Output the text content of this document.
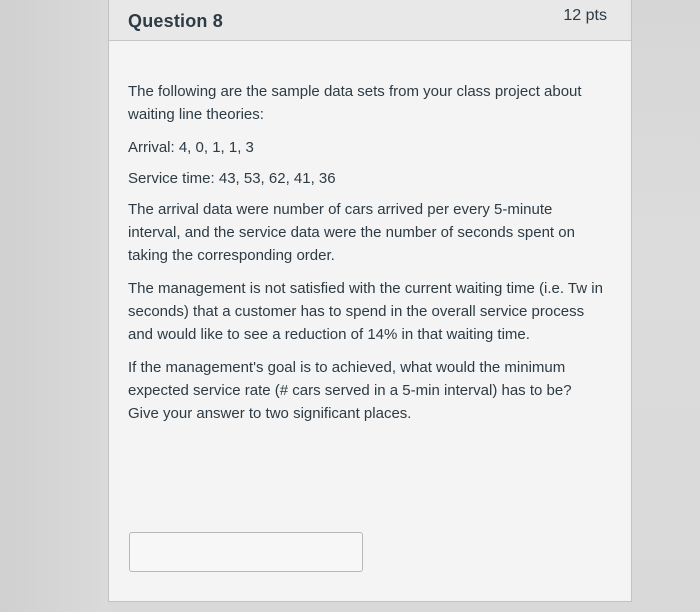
Question 8	12 pts

The following are the sample data sets from your class project about waiting line theories:

Arrival: 4, 0, 1, 1, 3

Service time: 43, 53, 62, 41, 36

The arrival data were number of cars arrived per every 5-minute interval, and the service data were the number of seconds spent on taking the corresponding order.

The management is not satisfied with the current waiting time (i.e. Tw in seconds) that a customer has to spend in the overall service process and would like to see a reduction of 14% in that waiting time.

If the management's goal is to achieved, what would the minimum expected service rate (# cars served in a 5-min interval) has to be? Give your answer to two significant places.
